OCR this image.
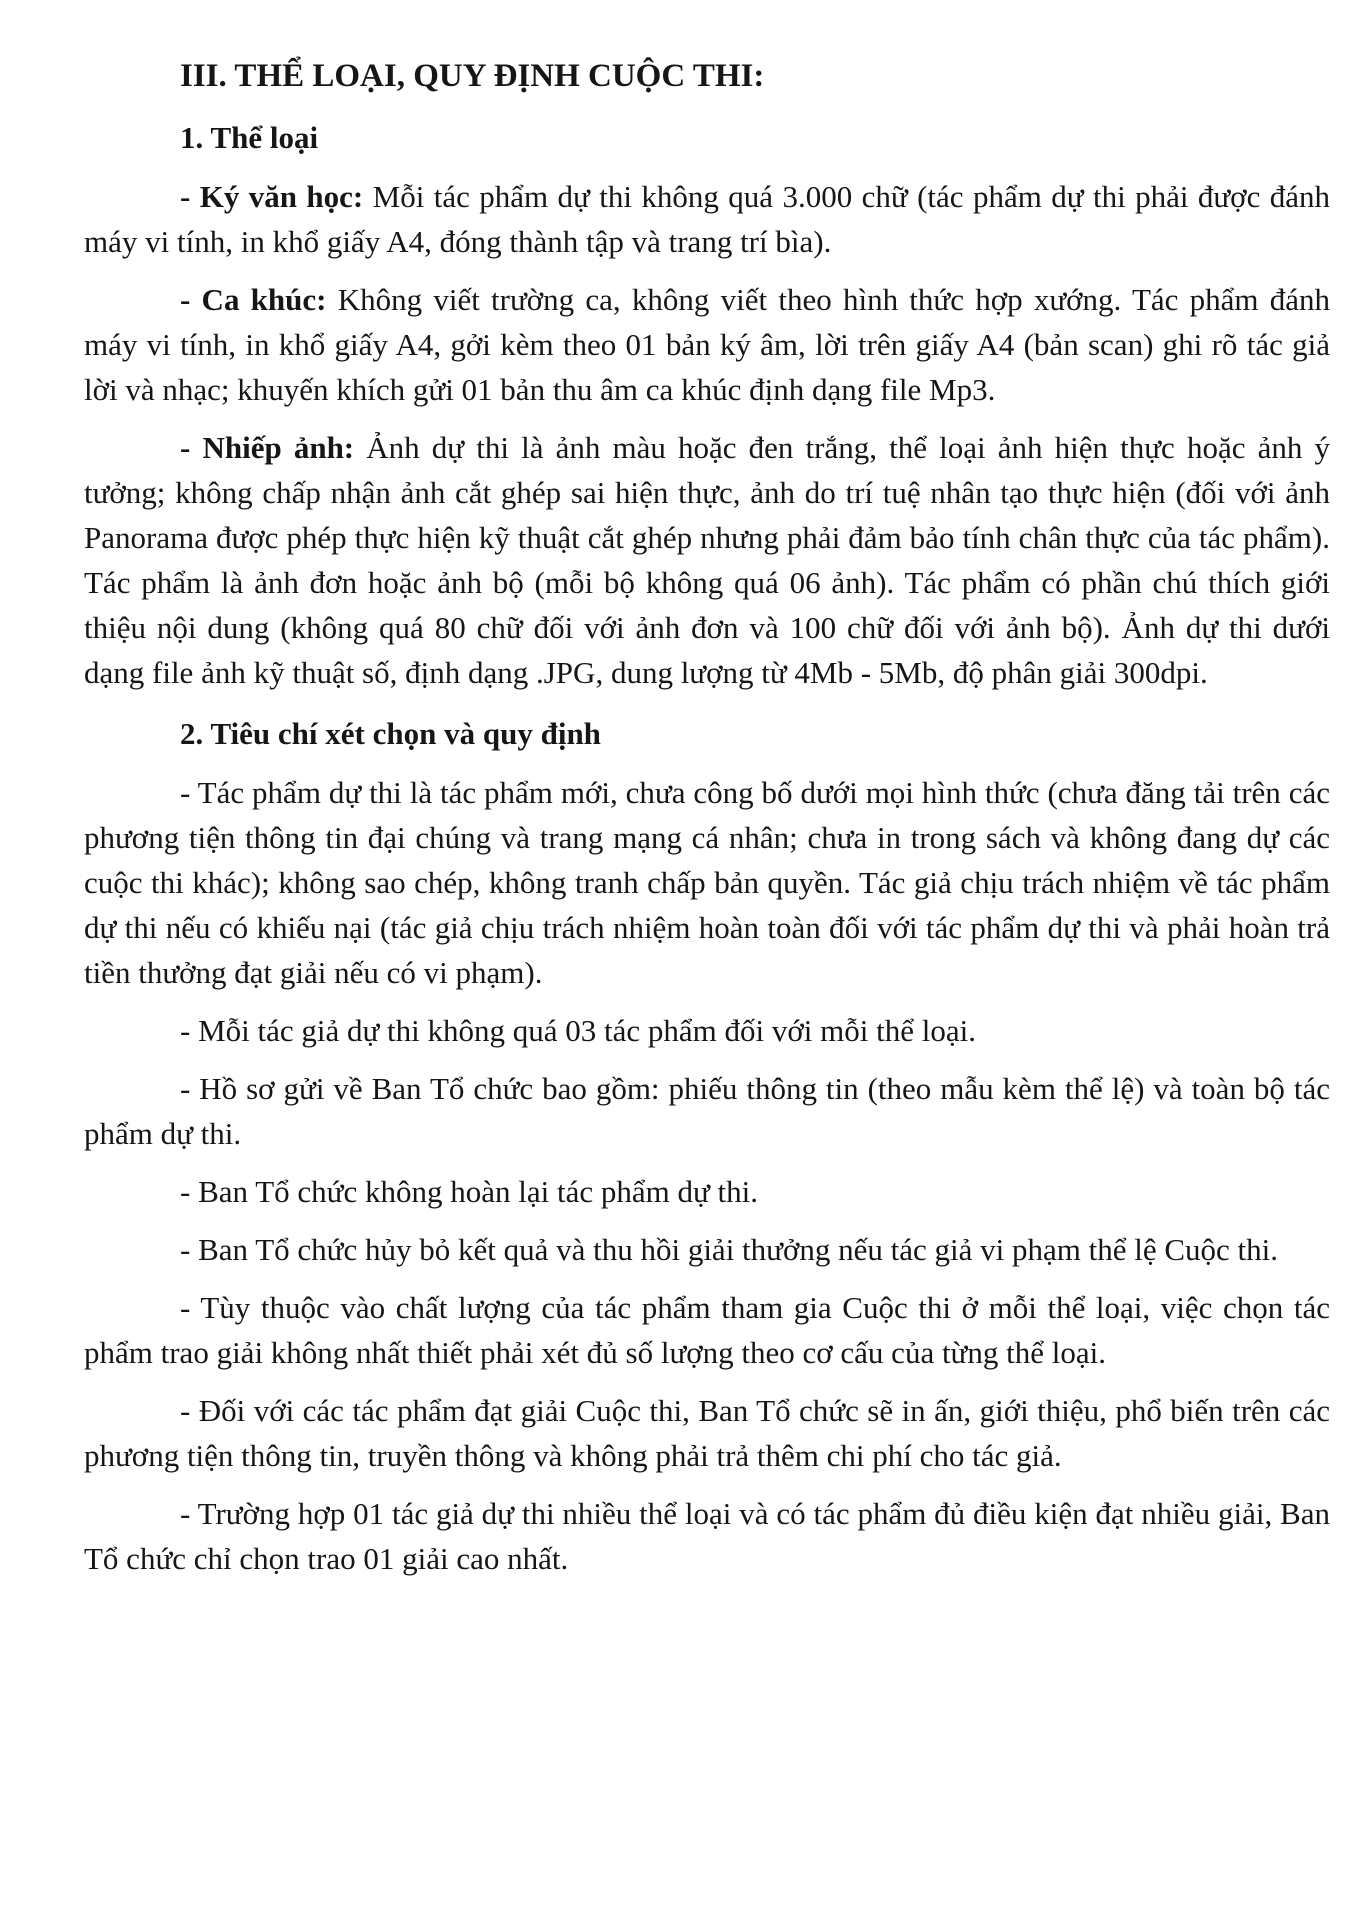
III. THỂ LOẠI, QUY ĐỊNH CUỘC THI:
1. Thể loại

- Ký văn học: Mỗi tác phẩm dự thi không quá 3.000 chữ (tác phẩm dự thi phải được đánh máy vi tính, in khổ giấy A4, đóng thành tập và trang trí bìa).

- Ca khúc: Không viết trường ca, không viết theo hình thức hợp xướng. Tác phẩm đánh máy vi tính, in khổ giấy A4, gởi kèm theo 01 bản ký âm, lời trên giấy A4 (bản scan) ghi rõ tác giả lời và nhạc; khuyến khích gửi 01 bản thu âm ca khúc định dạng file Mp3.

- Nhiếp ảnh: Ảnh dự thi là ảnh màu hoặc đen trắng, thể loại ảnh hiện thực hoặc ảnh ý tưởng; không chấp nhận ảnh cắt ghép sai hiện thực, ảnh do trí tuệ nhân tạo thực hiện (đối với ảnh Panorama được phép thực hiện kỹ thuật cắt ghép nhưng phải đảm bảo tính chân thực của tác phẩm). Tác phẩm là ảnh đơn hoặc ảnh bộ (mỗi bộ không quá 06 ảnh). Tác phẩm có phần chú thích giới thiệu nội dung (không quá 80 chữ đối với ảnh đơn và 100 chữ đối với ảnh bộ). Ảnh dự thi dưới dạng file ảnh kỹ thuật số, định dạng .JPG, dung lượng từ 4Mb - 5Mb, độ phân giải 300dpi.

2. Tiêu chí xét chọn và quy định

- Tác phẩm dự thi là tác phẩm mới, chưa công bố dưới mọi hình thức (chưa đăng tải trên các phương tiện thông tin đại chúng và trang mạng cá nhân; chưa in trong sách và không đang dự các cuộc thi khác); không sao chép, không tranh chấp bản quyền. Tác giả chịu trách nhiệm về tác phẩm dự thi nếu có khiếu nại (tác giả chịu trách nhiệm hoàn toàn đối với tác phẩm dự thi và phải hoàn trả tiền thưởng đạt giải nếu có vi phạm).

- Mỗi tác giả dự thi không quá 03 tác phẩm đối với mỗi thể loại.

- Hồ sơ gửi về Ban Tổ chức bao gồm: phiếu thông tin (theo mẫu kèm thể lệ) và toàn bộ tác phẩm dự thi.

- Ban Tổ chức không hoàn lại tác phẩm dự thi.

- Ban Tổ chức hủy bỏ kết quả và thu hồi giải thưởng nếu tác giả vi phạm thể lệ Cuộc thi.

- Tùy thuộc vào chất lượng của tác phẩm tham gia Cuộc thi ở mỗi thể loại, việc chọn tác phẩm trao giải không nhất thiết phải xét đủ số lượng theo cơ cấu của từng thể loại.

- Đối với các tác phẩm đạt giải Cuộc thi, Ban Tổ chức sẽ in ấn, giới thiệu, phổ biến trên các phương tiện thông tin, truyền thông và không phải trả thêm chi phí cho tác giả.

- Trường hợp 01 tác giả dự thi nhiều thể loại và có tác phẩm đủ điều kiện đạt nhiều giải, Ban Tổ chức chỉ chọn trao 01 giải cao nhất.
